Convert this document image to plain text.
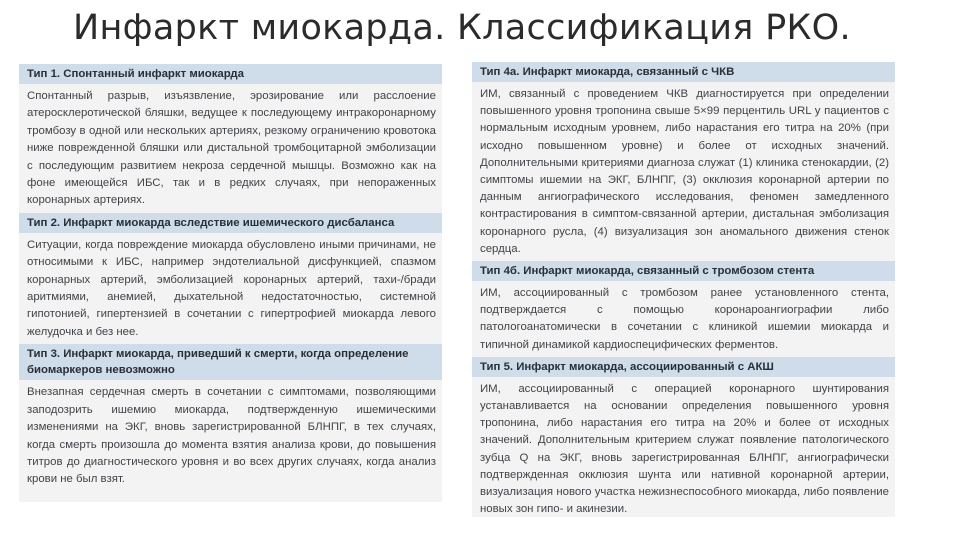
Инфаркт миокарда. Классификация РКО.
Тип 1. Спонтанный инфаркт миокарда
Спонтанный разрыв, изъязвление, эрозирование или расслоение атеросклеротической бляшки, ведущее к последующему интракоронарному тромбозу в одной или нескольких артериях, резкому ограничению кровотока ниже поврежденной бляшки или дистальной тромбоцитарной эмболизации с последующим развитием некроза сердечной мышцы. Возможно как на фоне имеющейся ИБС, так и в редких случаях, при непораженных коронарных артериях.
Тип 2. Инфаркт миокарда вследствие ишемического дисбаланса
Ситуации, когда повреждение миокарда обусловлено иными причинами, не относимыми к ИБС, например эндотелиальной дисфункцией, спазмом коронарных артерий, эмболизацией коронарных артерий, тахи-/бради аритмиями, анемией, дыхательной недостаточностью, системной гипотонией, гипертензией в сочетании с гипертрофией миокарда левого желудочка и без нее.
Тип 3. Инфаркт миокарда, приведший к смерти, когда определение биомаркеров невозможно
Внезапная сердечная смерть в сочетании с симптомами, позволяющими заподозрить ишемию миокарда, подтвержденную ишемическими изменениями на ЭКГ, вновь зарегистрированной БЛНПГ, в тех случаях, когда смерть произошла до момента взятия анализа крови, до повышения титров до диагностического уровня и во всех других случаях, когда анализ крови не был взят.
Тип 4а. Инфаркт миокарда, связанный с ЧКВ
ИМ, связанный с проведением ЧКВ диагностируется при определении повышенного уровня тропонина свыше 5×99 перцентиль URL у пациентов с нормальным исходным уровнем, либо нарастания его титра на 20% (при исходно повышенном уровне) и более от исходных значений. Дополнительными критериями диагноза служат (1) клиника стенокардии, (2) симптомы ишемии на ЭКГ, БЛНПГ, (3) окклюзия коронарной артерии по данным ангиографического исследования, феномен замедленного контрастирования в симптом-связанной артерии, дистальная эмболизация коронарного русла, (4) визуализация зон аномального движения стенок сердца.
Тип 4б. Инфаркт миокарда, связанный с тромбозом стента
ИМ, ассоциированный с тромбозом ранее установленного стента, подтверждается с помощью коронароангиографии либо патологоанатомически в сочетании с клиникой ишемии миокарда и типичной динамикой кардиоспецифических ферментов.
Тип 5. Инфаркт миокарда, ассоциированный с АКШ
ИМ, ассоциированный с операцией коронарного шунтирования устанавливается на основании определения повышенного уровня тропонина, либо нарастания его титра на 20% и более от исходных значений. Дополнительным критерием служат появление патологического зубца Q на ЭКГ, вновь зарегистрированная БЛНПГ, ангиографически подтвержденная окклюзия шунта или нативной коронарной артерии, визуализация нового участка нежизнеспособного миокарда, либо появление новых зон гипо- и акинезии.
